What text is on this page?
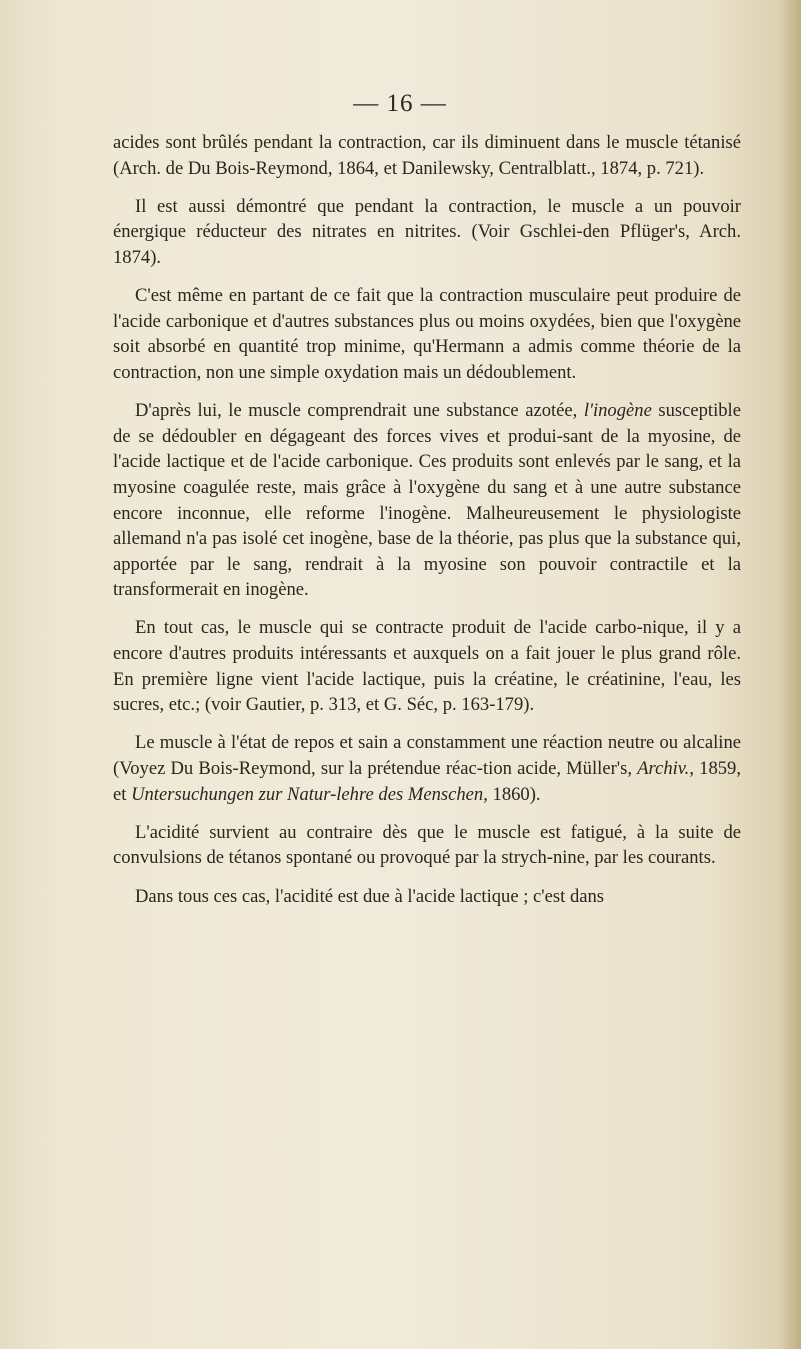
— 16 —

acides sont brûlés pendant la contraction, car ils diminuent dans le muscle tétanisé (Arch. de Du Bois-Reymond, 1864, et Danilewsky, Centralblatt., 1874, p. 721).

Il est aussi démontré que pendant la contraction, le muscle a un pouvoir énergique réducteur des nitrates en nitrites. (Voir Gschlei-den Pflüger's, Arch. 1874).

C'est même en partant de ce fait que la contraction musculaire peut produire de l'acide carbonique et d'autres substances plus ou moins oxydées, bien que l'oxygène soit absorbé en quantité trop minime, qu'Hermann a admis comme théorie de la contraction, non une simple oxydation mais un dédoublement.

D'après lui, le muscle comprendrait une substance azotée, l'inogène susceptible de se dédoubler en dégageant des forces vives et produi-sant de la myosine, de l'acide lactique et de l'acide carbonique. Ces produits sont enlevés par le sang, et la myosine coagulée reste, mais grâce à l'oxygène du sang et à une autre substance encore inconnue, elle reforme l'inogène. Malheureusement le physiologiste allemand n'a pas isolé cet inogène, base de la théorie, pas plus que la substance qui, apportée par le sang, rendrait à la myosine son pouvoir contractile et la transformerait en inogène.

En tout cas, le muscle qui se contracte produit de l'acide carbo-nique, il y a encore d'autres produits intéressants et auxquels on a fait jouer le plus grand rôle. En première ligne vient l'acide lactique, puis la créatine, le créatinine, l'eau, les sucres, etc.; (voir Gautier, p. 313, et G. Séc, p. 163-179).

Le muscle à l'état de repos et sain a constamment une réaction neutre ou alcaline (Voyez Du Bois-Reymond, sur la prétendue réac-tion acide, Müller's, Archiv., 1859, et Untersuchungen zur Natur-lehre des Menschen, 1860).

L'acidité survient au contraire dès que le muscle est fatigué, à la suite de convulsions de tétanos spontané ou provoqué par la strych-nine, par les courants.

Dans tous ces cas, l'acidité est due à l'acide lactique ; c'est dans
